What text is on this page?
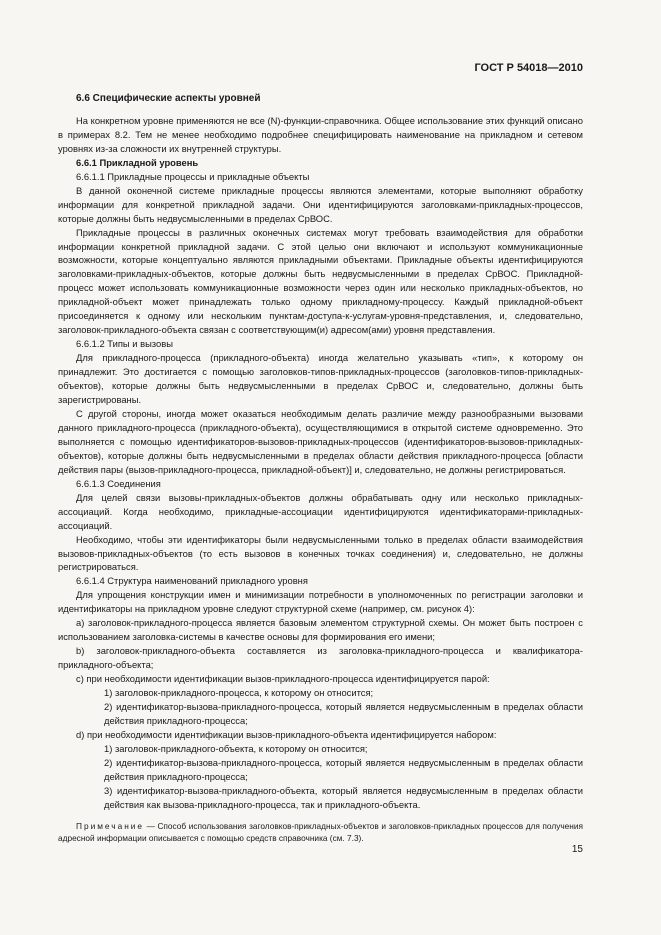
ГОСТ Р 54018—2010

6.6 Специфические аспекты уровней

На конкретном уровне применяются не все (N)-функции-справочника. Общее использование этих функций описано в примерах 8.2. Тем не менее необходимо подробнее специфицировать наименование на прикладном и сетевом уровнях из-за сложности их внутренней структуры.

6.6.1 Прикладной уровень

6.6.1.1 Прикладные процессы и прикладные объекты

В данной оконечной системе прикладные процессы являются элементами, которые выполняют обработку информации для конкретной прикладной задачи. Они идентифицируются заголовками-прикладных-процессов, которые должны быть недвусмысленными в пределах СрВОС.

Прикладные процессы в различных оконечных системах могут требовать взаимодействия для обработки информации конкретной прикладной задачи. С этой целью они включают и используют коммуникационные возможности, которые концептуально являются прикладными объектами. Прикладные объекты идентифицируются заголовками-прикладных-объектов, которые должны быть недвусмысленными в пределах СрВОС. Прикладной-процесс может использовать коммуникационные возможности через один или несколько прикладных-объектов, но прикладной-объект может принадлежать только одному прикладному-процессу. Каждый прикладной-объект присоединяется к одному или нескольким пунктам-доступа-к-услугам-уровня-представления, и, следовательно, заголовок-прикладного-объекта связан с соответствующим(и) адресом(ами) уровня представления.

6.6.1.2 Типы и вызовы

Для прикладного-процесса (прикладного-объекта) иногда желательно указывать «тип», к которому он принадлежит. Это достигается с помощью заголовков-типов-прикладных-процессов (заголовков-типов-прикладных-объектов), которые должны быть недвусмысленными в пределах СрВОС и, следовательно, должны быть зарегистрированы.

С другой стороны, иногда может оказаться необходимым делать различие между разнообразными вызовами данного прикладного-процесса (прикладного-объекта), осуществляющимися в открытой системе одновременно. Это выполняется с помощью идентификаторов-вызовов-прикладных-процессов (идентификаторов-вызовов-прикладных-объектов), которые должны быть недвусмысленными в пределах области действия прикладного-процесса [области действия пары (вызов-прикладного-процесса, прикладной-объект)] и, следовательно, не должны регистрироваться.

6.6.1.3 Соединения

Для целей связи вызовы-прикладных-объектов должны обрабатывать одну или несколько прикладных-ассоциаций. Когда необходимо, прикладные-ассоциации идентифицируются идентификаторами-прикладных-ассоциаций.

Необходимо, чтобы эти идентификаторы были недвусмысленными только в пределах области взаимодействия вызовов-прикладных-объектов (то есть вызовов в конечных точках соединения) и, следовательно, не должны регистрироваться.

6.6.1.4 Структура наименований прикладного уровня

Для упрощения конструкции имен и минимизации потребности в уполномоченных по регистрации заголовки и идентификаторы на прикладном уровне следуют структурной схеме (например, см. рисунок 4):

а) заголовок-прикладного-процесса является базовым элементом структурной схемы. Он может быть построен с использованием заголовка-системы в качестве основы для формирования его имени;

b) заголовок-прикладного-объекта составляется из заголовка-прикладного-процесса и квалификатора-прикладного-объекта;

с) при необходимости идентификации вызов-прикладного-процесса идентифицируется парой:

1) заголовок-прикладного-процесса, к которому он относится;

2) идентификатор-вызова-прикладного-процесса, который является недвусмысленным в пределах области действия прикладного-процесса;

d) при необходимости идентификации вызов-прикладного-объекта идентифицируется набором:

1) заголовок-прикладного-объекта, к которому он относится;

2) идентификатор-вызова-прикладного-процесса, который является недвусмысленным в пределах области действия прикладного-процесса;

3) идентификатор-вызова-прикладного-объекта, который является недвусмысленным в пределах области действия как вызова-прикладного-процесса, так и прикладного-объекта.

Примечание — Способ использования заголовков-прикладных-объектов и заголовков-прикладных процессов для получения адресной информации описывается с помощью средств справочника (см. 7.3).

15
